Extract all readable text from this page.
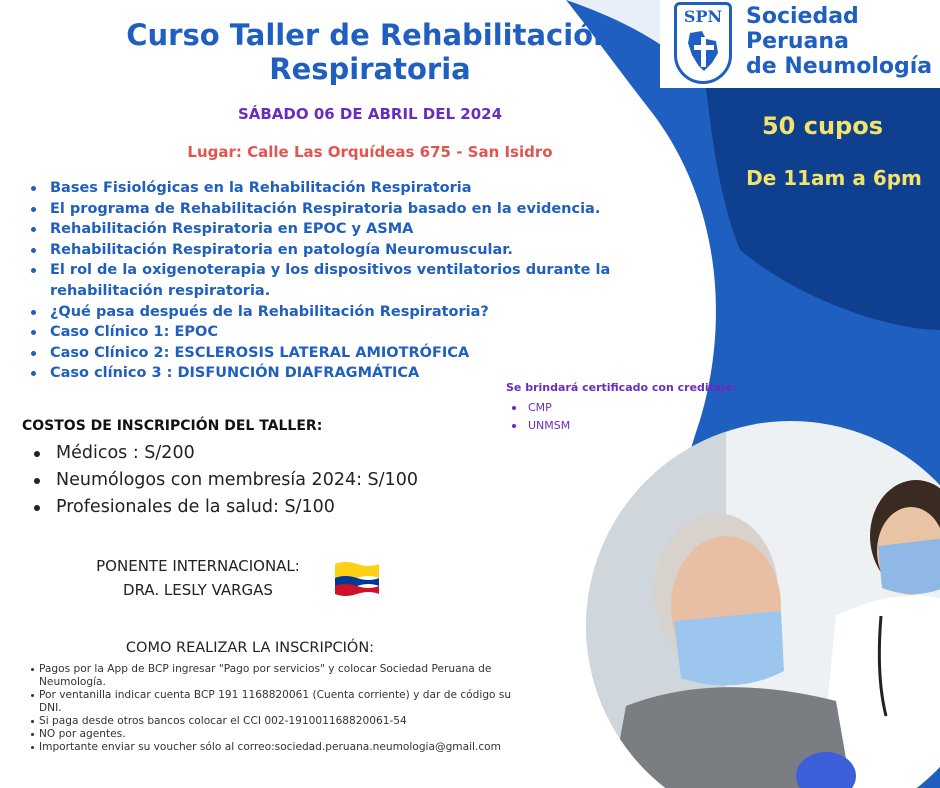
Curso Taller de Rehabilitación Respiratoria
SÁBADO 06 DE ABRIL DEL 2024
Lugar: Calle Las Orquídeas 675 - San Isidro
Bases Fisiológicas en la Rehabilitación Respiratoria
El programa de Rehabilitación Respiratoria basado en la evidencia.
Rehabilitación Respiratoria en EPOC y ASMA
Rehabilitación Respiratoria en patología Neuromuscular.
El rol de la oxigenoterapia y los dispositivos ventilatorios durante la rehabilitación respiratoria.
¿Qué pasa después de la Rehabilitación Respiratoria?
Caso Clínico 1: EPOC
Caso Clínico 2: ESCLEROSIS LATERAL AMIOTRÓFICA
Caso clínico 3 : DISFUNCIÓN DIAFRAGMÁTICA
SPN	Sociedad
Peruana
de Neumología
50 cupos
De 11am a 6pm
Se brindará certificado con creditaje:
CMP
UNMSM
COSTOS DE INSCRIPCIÓN DEL TALLER:
Médicos : S/200
Neumólogos con membresía 2024: S/100
Profesionales de la salud: S/100
PONENTE INTERNACIONAL:
DRA. LESLY VARGAS
COMO REALIZAR LA INSCRIPCIÓN:
Pagos por la App de BCP ingresar "Pago por servicios" y colocar Sociedad Peruana de Neumología.
Por ventanilla indicar cuenta BCP 191 1168820061 (Cuenta corriente) y dar de código su DNI.
Si paga desde otros bancos colocar el CCI 002-191001168820061-54
NO por agentes.
Importante enviar su voucher sólo al correo:sociedad.peruana.neumologia@gmail.com
